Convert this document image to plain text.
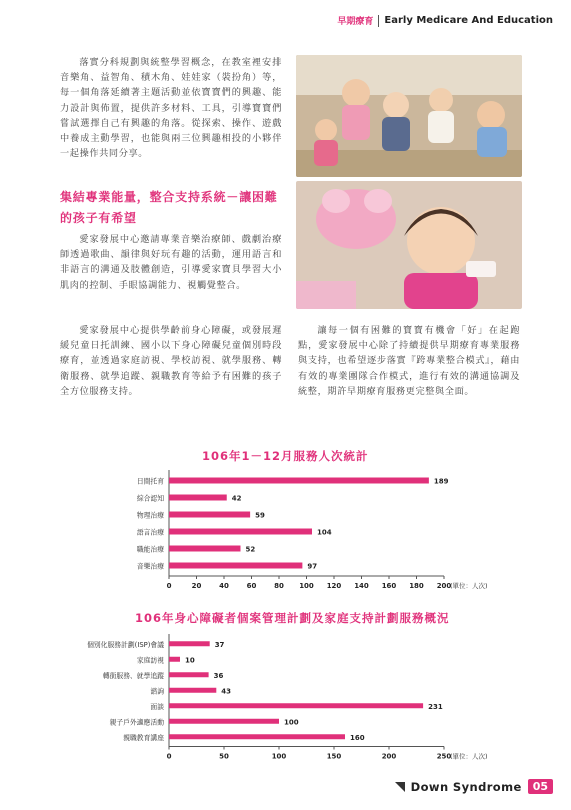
早期療育 Early Medicare And Education

落實分科規劃與統整學習概念，在教室裡安排音樂角、益智角、積木角、娃娃家（裝扮角）等，每一個角落延續著主題活動並依寶寶們的興趣、能力設計與佈置，提供許多材料、工具，引導寶寶們嘗試選擇自己有興趣的角落。從探索、操作、遊戲中養成主動學習，也能與兩三位興趣相投的小夥伴一起操作共同分享。

集結專業能量，整合支持系統－讓困難的孩子有希望

愛家發展中心邀請專業音樂治療師、戲劇治療師透過歌曲、韻律與好玩有趣的活動，運用語言和非語言的溝通及肢體創造，引導愛家寶貝學習大小肌肉的控制、手眼協調能力、視觸覺整合。

愛家發展中心提供學齡前身心障礙，或發展遲緩兒童日托訓練、國小以下身心障礙兒童個別時段療育，並透過家庭訪視、學校訪視、就學服務、轉衛服務、就學追蹤、親職教育等給予有困難的孩子全方位服務支持。

讓每一個有困難的寶寶有機會「好」在起跑點，愛家發展中心除了持續提供早期療育專業服務與支持，也希望逐步落實『跨專業整合模式』，藉由有效的專業團隊合作模式，進行有效的溝通協調及統整，期許早期療育服務更完整與全面。

106年1－12月服務人次統計
日間托育	189
綜合認知	42
物理治療	59
語言治療	104
職能治療	52
音樂治療	97
0	20	40	60	80 100 120 140 160 180 200
(單位：人次)
106年身心障礙者個案管理計劃及家庭支持計劃服務概況
個別化服務計劃(ISP)會議	37
家庭訪視	10
轉銜服務、就學追蹤	36
諮詢	43
面談	231
親子戶外適應活動	100
親職教育講座	160
0	50	100	150	200	250
(單位：人次)
Down Syndrome	05
